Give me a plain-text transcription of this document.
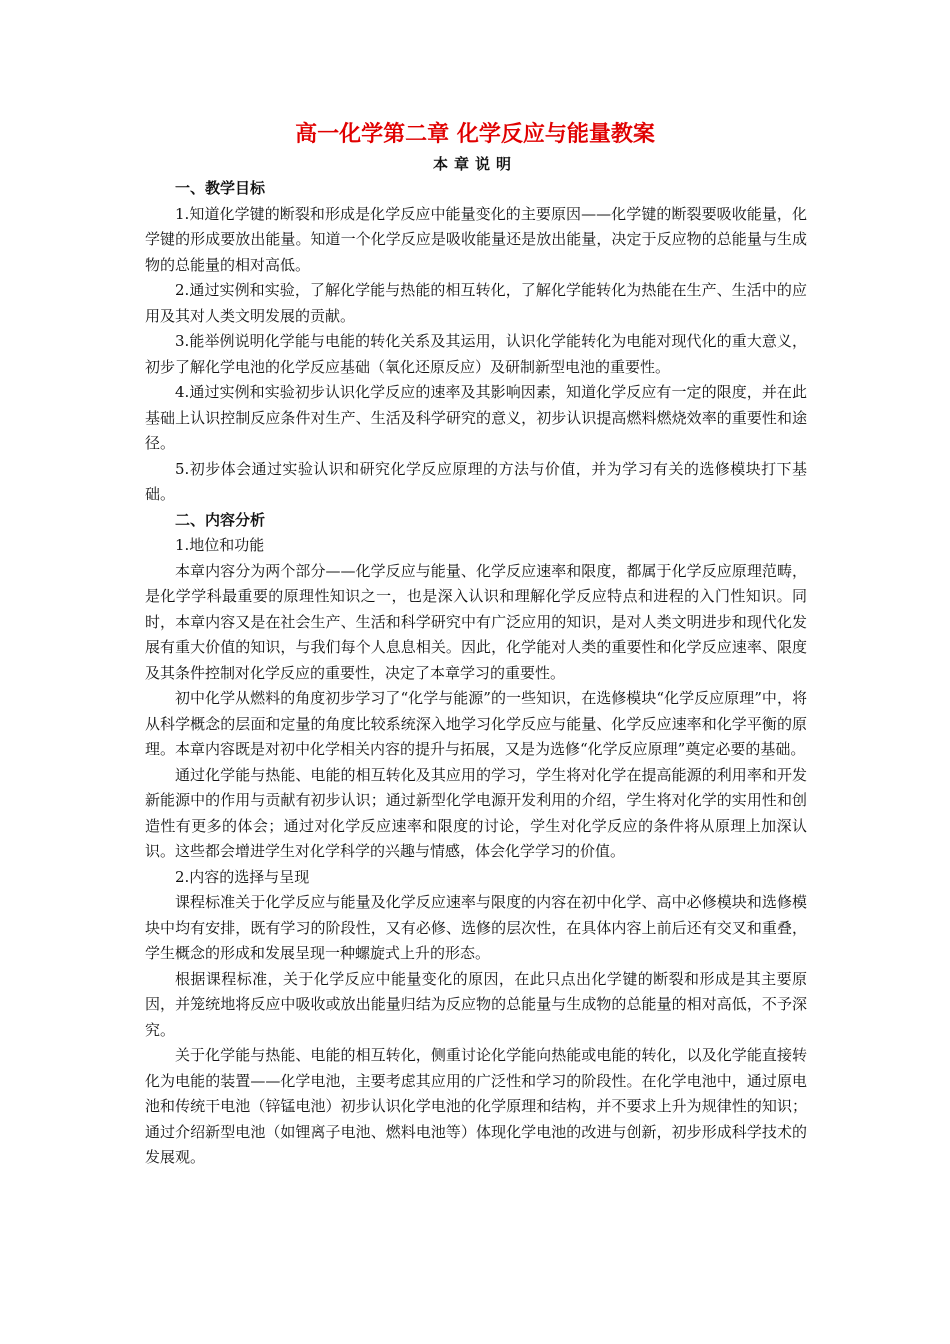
高一化学第二章 化学反应与能量教案
本章说明

一、教学目标

1.知道化学键的断裂和形成是化学反应中能量变化的主要原因——化学键的断裂要吸收能量，化学键的形成要放出能量。知道一个化学反应是吸收能量还是放出能量，决定于反应物的总能量与生成物的总能量的相对高低。

2.通过实例和实验，了解化学能与热能的相互转化，了解化学能转化为热能在生产、生活中的应用及其对人类文明发展的贡献。

3.能举例说明化学能与电能的转化关系及其运用，认识化学能转化为电能对现代化的重大意义，初步了解化学电池的化学反应基础（氧化还原反应）及研制新型电池的重要性。

4.通过实例和实验初步认识化学反应的速率及其影响因素，知道化学反应有一定的限度，并在此基础上认识控制反应条件对生产、生活及科学研究的意义，初步认识提高燃料燃烧效率的重要性和途径。

5.初步体会通过实验认识和研究化学反应原理的方法与价值，并为学习有关的选修模块打下基础。

二、内容分析

1.地位和功能

本章内容分为两个部分——化学反应与能量、化学反应速率和限度，都属于化学反应原理范畴，是化学学科最重要的原理性知识之一，也是深入认识和理解化学反应特点和进程的入门性知识。同时，本章内容又是在社会生产、生活和科学研究中有广泛应用的知识，是对人类文明进步和现代化发展有重大价值的知识，与我们每个人息息相关。因此，化学能对人类的重要性和化学反应速率、限度及其条件控制对化学反应的重要性，决定了本章学习的重要性。

初中化学从燃料的角度初步学习了“化学与能源”的一些知识，在选修模块“化学反应原理”中，将从科学概念的层面和定量的角度比较系统深入地学习化学反应与能量、化学反应速率和化学平衡的原理。本章内容既是对初中化学相关内容的提升与拓展，又是为选修“化学反应原理”奠定必要的基础。

通过化学能与热能、电能的相互转化及其应用的学习，学生将对化学在提高能源的利用率和开发新能源中的作用与贡献有初步认识；通过新型化学电源开发利用的介绍，学生将对化学的实用性和创造性有更多的体会；通过对化学反应速率和限度的讨论，学生对化学反应的条件将从原理上加深认识。这些都会增进学生对化学科学的兴趣与情感，体会化学学习的价值。

2.内容的选择与呈现

课程标准关于化学反应与能量及化学反应速率与限度的内容在初中化学、高中必修模块和选修模块中均有安排，既有学习的阶段性，又有必修、选修的层次性，在具体内容上前后还有交叉和重叠，学生概念的形成和发展呈现一种螺旋式上升的形态。

根据课程标准，关于化学反应中能量变化的原因，在此只点出化学键的断裂和形成是其主要原因，并笼统地将反应中吸收或放出能量归结为反应物的总能量与生成物的总能量的相对高低，不予深究。

关于化学能与热能、电能的相互转化，侧重讨论化学能向热能或电能的转化，以及化学能直接转化为电能的装置——化学电池，主要考虑其应用的广泛性和学习的阶段性。在化学电池中，通过原电池和传统干电池（锌锰电池）初步认识化学电池的化学原理和结构，并不要求上升为规律性的知识；通过介绍新型电池（如锂离子电池、燃料电池等）体现化学电池的改进与创新，初步形成科学技术的发展观。
